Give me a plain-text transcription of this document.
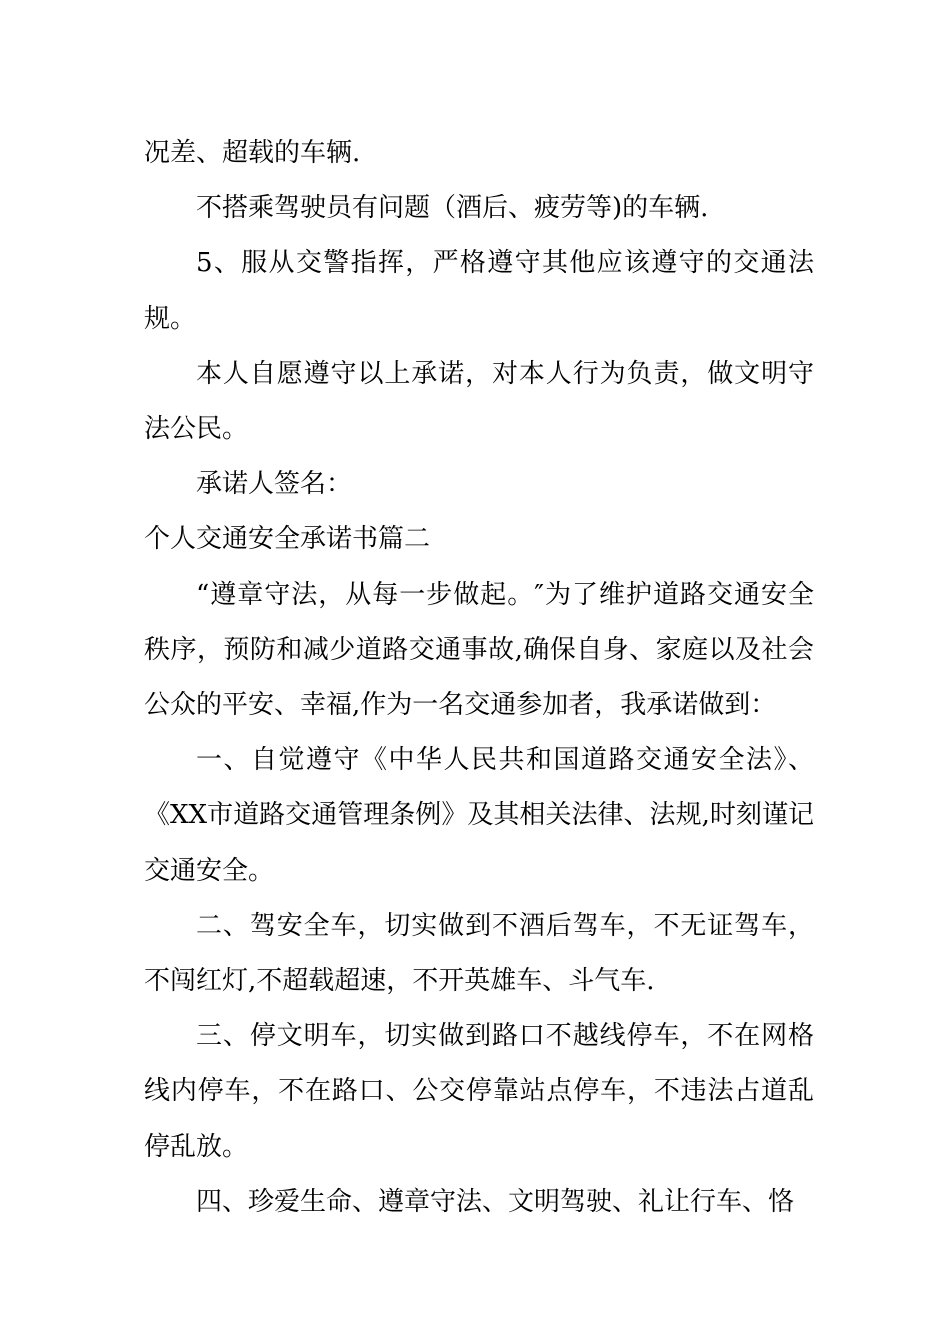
况差、超载的车辆.

不搭乘驾驶员有问题（酒后、疲劳等)的车辆.

5、服从交警指挥，严格遵守其他应该遵守的交通法规。

本人自愿遵守以上承诺，对本人行为负责，做文明守法公民。

承诺人签名：

个人交通安全承诺书篇二

“遵章守法，从每一步做起。″为了维护道路交通安全秩序，预防和减少道路交通事故,确保自身、家庭以及社会公众的平安、幸福,作为一名交通参加者，我承诺做到：

一、自觉遵守《中华人民共和国道路交通安全法》、《XX市道路交通管理条例》及其相关法律、法规,时刻谨记交通安全。

二、驾安全车，切实做到不酒后驾车，不无证驾车，不闯红灯,不超载超速，不开英雄车、斗气车.

三、停文明车，切实做到路口不越线停车，不在网格线内停车，不在路口、公交停靠站点停车，不违法占道乱停乱放。

四、珍爱生命、遵章守法、文明驾驶、礼让行车、恪
